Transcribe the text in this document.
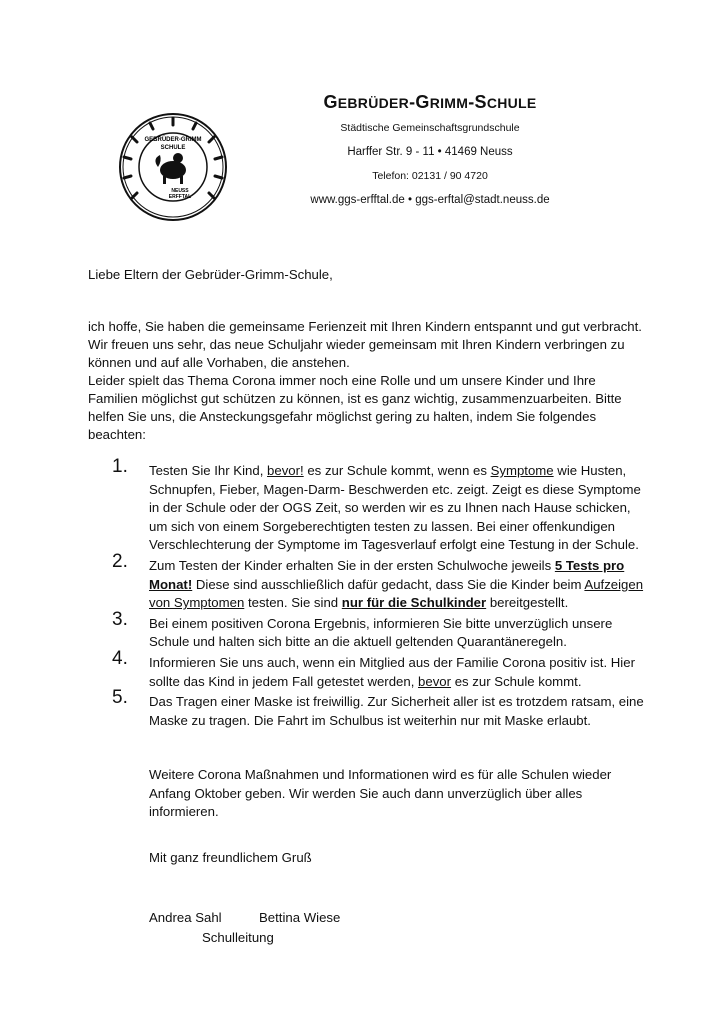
GEBRÜDER-GRIMM
SCHULE
NEUSS
ERFFTAL
GEBRÜDER-GRIMM-SCHULE
Städtische Gemeinschaftsgrundschule
Harffer Str. 9 - 11 • 41469 Neuss
Telefon: 02131 / 90 4720
www.ggs-erfftal.de • ggs-erftal@stadt.neuss.de
Liebe Eltern der Gebrüder-Grimm-Schule,

ich hoffe, Sie haben die gemeinsame Ferienzeit mit Ihren Kindern entspannt und gut verbracht. Wir freuen uns sehr, das neue Schuljahr wieder gemeinsam mit Ihren Kindern verbringen zu können und auf alle Vorhaben, die anstehen.

Leider spielt das Thema Corona immer noch eine Rolle und um unsere Kinder und Ihre Familien möglichst gut schützen zu können, ist es ganz wichtig, zusammenzuarbeiten. Bitte helfen Sie uns, die Ansteckungsgefahr möglichst gering zu halten, indem Sie folgendes beachten:

1. Testen Sie Ihr Kind, bevor! es zur Schule kommt, wenn es Symptome wie Husten, Schnupfen, Fieber, Magen-Darm- Beschwerden etc. zeigt. Zeigt es diese Symptome in der Schule oder der OGS Zeit, so werden wir es zu Ihnen nach Hause schicken, um sich von einem Sorgeberechtigten testen zu lassen. Bei einer offenkundigen Verschlechterung der Symptome im Tagesverlauf erfolgt eine Testung in der Schule.
2. Zum Testen der Kinder erhalten Sie in der ersten Schulwoche jeweils 5 Tests pro Monat! Diese sind ausschließlich dafür gedacht, dass Sie die Kinder beim Aufzeigen von Symptomen testen. Sie sind nur für die Schulkinder bereitgestellt.
3. Bei einem positiven Corona Ergebnis, informieren Sie bitte unverzüglich unsere Schule und halten sich bitte an die aktuell geltenden Quarantäneregeln.
4. Informieren Sie uns auch, wenn ein Mitglied aus der Familie Corona positiv ist. Hier sollte das Kind in jedem Fall getestet werden, bevor es zur Schule kommt.
5. Das Tragen einer Maske ist freiwillig. Zur Sicherheit aller ist es trotzdem ratsam, eine Maske zu tragen. Die Fahrt im Schulbus ist weiterhin nur mit Maske erlaubt.
Weitere Corona Maßnahmen und Informationen wird es für alle Schulen wieder Anfang Oktober geben. Wir werden Sie auch dann unverzüglich über alles informieren.
Mit ganz freundlichem Gruß
Andrea Sahl	Bettina Wiese
Schulleitung
